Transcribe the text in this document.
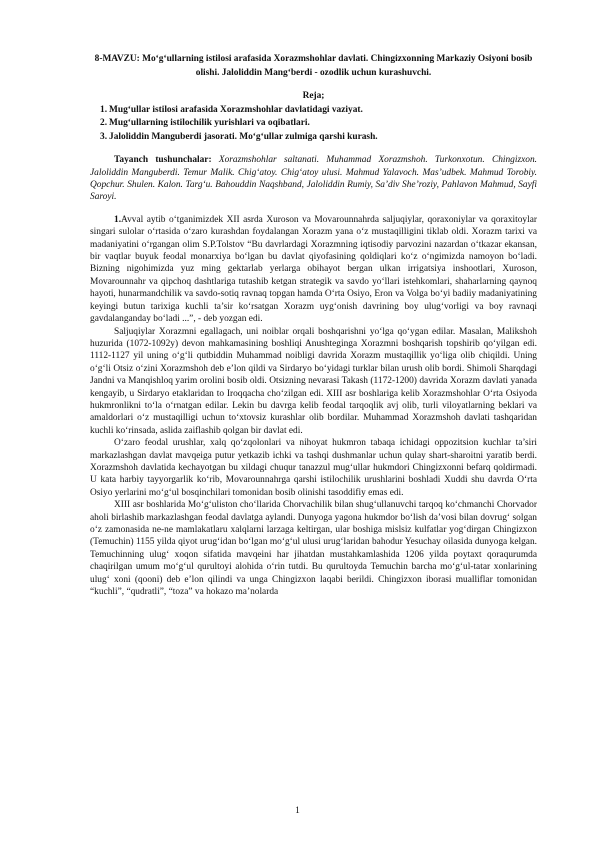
8-MAVZU: Mo‘g‘ullarning istilosi arafasida Xorazmshohlar davlati. Chingizxonning Markaziy Osiyoni bosib olishi. Jaloliddin Mang‘berdi - ozodlik uchun kurashuvchi.
Reja;
1. Mug‘ullar istilosi arafasida Xorazmshohlar davlatidagi vaziyat.
2. Mug‘ullarning istilochilik yurishlari va oqibatlari.
3. Jaloliddin Manguberdi jasorati. Mo‘g‘ullar zulmiga qarshi kurash.

Tayanch tushunchalar: Xorazmshohlar saltanati. Muhammad Xorazmshoh. Turkonxotun. Chingizxon. Jaloliddin Manguberdi. Temur Malik. Chig‘atoy. Chig‘atoy ulusi. Mahmud Yalavoch. Mas’udbek. Mahmud Torobiy. Qopchur. Shulen. Kalon. Targ‘u. Bahouddin Naqshband, Jaloliddin Rumiy, Sa’div She’roziy, Pahlavon Mahmud, Sayfi Saroyi.

1.Avval aytib o‘tganimizdek XII asrda Xuroson va Movarounnahrda saljuqiylar, qoraxoniylar va qoraxitoylar singari sulolar o‘rtasida o‘zaro kurashdan foydalangan Xorazm yana o‘z mustaqilligini tiklab oldi. Xorazm tarixi va madaniyatini o‘rgangan olim S.P.Tolstov “Bu davrlardagi Xorazmning iqtisodiy parvozini nazardan o‘tkazar ekansan, bir vaqtlar buyuk feodal monarxiya bo‘lgan bu davlat qiyofasining qoldiqlari ko‘z o‘ngimizda namoyon bo‘ladi. Bizning nigohimizda yuz ming gektarlab yerlarga obihayot bergan ulkan irrigatsiya inshootlari, Xuroson, Movarounnahr va qipchoq dashtlariga tutashib ketgan strategik va savdo yo‘llari istehkomlari, shaharlarning qaynoq hayoti, hunarmandchilik va savdo-sotiq ravnaq topgan hamda O‘rta Osiyo, Eron va Volga bo‘yi badiiy madaniyatining keyingi butun tarixiga kuchli ta’sir ko‘rsatgan Xorazm uyg‘onish davrining boy ulug‘vorligi va boy ravnaqi gavdalanganday bo‘ladi ...”, - deb yozgan edi.

Saljuqiylar Xorazmni egallagach, uni noiblar orqali boshqarishni yo‘lga qo‘ygan edilar. Masalan, Malikshoh huzurida (1072-1092y) devon mahkamasining boshliqi Anushteginga Xorazmni boshqarish topshirib qo‘yilgan edi. 1112-1127 yil uning o‘g‘li qutbiddin Muhammad noibligi davrida Xorazm mustaqillik yo‘liga olib chiqildi. Uning o‘g‘li Otsiz o‘zini Xorazmshoh deb e’lon qildi va Sirdaryo bo‘yidagi turklar bilan urush olib bordi. Shimoli Sharqdagi Jandni va Manqishloq yarim orolini bosib oldi. Otsizning nevarasi Takash (1172-1200) davrida Xorazm davlati yanada kengayib, u Sirdaryo etaklaridan to Iroqqacha cho‘zilgan edi. XIII asr boshlariga kelib Xorazmshohlar O‘rta Osiyoda hukmronlikni to‘la o‘rnatgan edilar. Lekin bu davrga kelib feodal tarqoqlik avj olib, turli viloyatlarning beklari va amaldorlari o‘z mustaqilligi uchun to‘xtovsiz kurashlar olib bordilar. Muhammad Xorazmshoh davlati tashqaridan kuchli ko‘rinsada, aslida zaiflashib qolgan bir davlat edi.

O‘zaro feodal urushlar, xalq qo‘zqolonlari va nihoyat hukmron tabaqa ichidagi oppozitsion kuchlar ta’siri markazlashgan davlat mavqeiga putur yetkazib ichki va tashqi dushmanlar uchun qulay shart-sharoitni yaratib berdi. Xorazmshoh davlatida kechayotgan bu xildagi chuqur tanazzul mug‘ullar hukmdori Chingizxonni befarq qoldirmadi. U kata harbiy tayyorgarlik ko‘rib, Movarounnahrga qarshi istilochilik urushlarini boshladi Xuddi shu davrda O‘rta Osiyo yerlarini mo‘g‘ul bosqinchilari tomonidan bosib olinishi tasoddifiy emas edi.

XIII asr boshlarida Mo‘g‘uliston cho‘llarida Chorvachilik bilan shug‘ullanuvchi tarqoq ko‘chmanchi Chorvador aholi birlashib markazlashgan feodal davlatga aylandi. Dunyoga yagona hukmdor bo‘lish da’vosi bilan dovrug‘ solgan o‘z zamonasida ne-ne mamlakatlaru xalqlarni larzaga keltirgan, ular boshiga mislsiz kulfatlar yog‘dirgan Chingizxon (Temuchin) 1155 yilda qiyot urug‘idan bo‘lgan mo‘g‘ul ulusi urug‘laridan bahodur Yesuchay oilasida dunyoga kelgan. Temuchinning ulug‘ xoqon sifatida mavqeini har jihatdan mustahkamlashida 1206 yilda poytaxt qoraqurumda chaqirilgan umum mo‘g‘ul qurultoyi alohida o‘rin tutdi. Bu qurultoyda Temuchin barcha mo‘g‘ul-tatar xonlarining ulug‘ xoni (qooni) deb e’lon qilindi va unga Chingizxon laqabi berildi. Chingizxon iborasi mualliflar tomonidan “kuchli”, “qudratli”, “toza” va hokazo ma’nolarda

1
